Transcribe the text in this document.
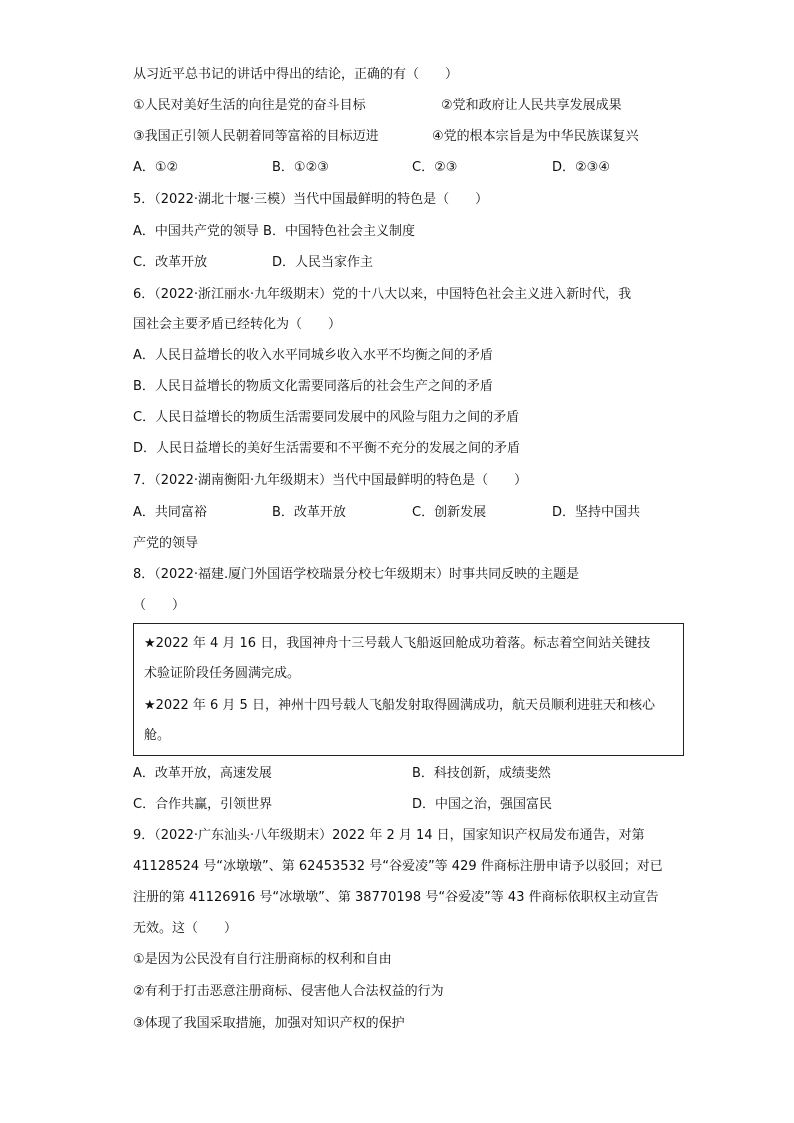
从习近平总书记的讲话中得出的结论，正确的有（　　）
①人民对美好生活的向往是党的奋斗目标	②党和政府让人民共享发展成果
③我国正引领人民朝着同等富裕的目标迈进	④党的根本宗旨是为中华民族谋复兴
A．①②	B．①②③	C．②③	D．②③④
5．（2022·湖北十堰·三模）当代中国最鲜明的特色是（　　）
A．中国共产党的领导 B．中国特色社会主义制度
C．改革开放	D．人民当家作主
6．（2022·浙江丽水·九年级期末）党的十八大以来，中国特色社会主义进入新时代，我
国社会主要矛盾已经转化为（　　）
A．人民日益增长的收入水平同城乡收入水平不均衡之间的矛盾
B．人民日益增长的物质文化需要同落后的社会生产之间的矛盾
C．人民日益增长的物质生活需要同发展中的风险与阻力之间的矛盾
D．人民日益增长的美好生活需要和不平衡不充分的发展之间的矛盾
7．（2022·湖南衡阳·九年级期末）当代中国最鲜明的特色是（　　）
A．共同富裕	B．改革开放	C．创新发展	D．坚持中国共
产党的领导
8．（2022·福建.厦门外国语学校瑞景分校七年级期末）时事共同反映的主题是
（　　）
★2022 年 4 月 16 日，我国神舟十三号载人飞船返回舱成功着落。标志着空间站关键技
术验证阶段任务圆满完成。
★2022 年 6 月 5 日，神州十四号载人飞船发射取得圆满成功，航天员顺利进驻天和核心
舱。
A．改革开放，高速发展	B．科技创新，成绩斐然
C．合作共赢，引领世界	D．中国之治，强国富民
9．（2022·广东汕头·八年级期末）2022 年 2 月 14 日，国家知识产权局发布通告，对第
41128524 号“冰墩墩”、第 62453532 号“谷爱凌”等 429 件商标注册申请予以驳回；对已
注册的第 41126916 号“冰墩墩”、第 38770198 号“谷爱凌”等 43 件商标依职权主动宣告
无效。这（　　）
①是因为公民没有自行注册商标的权利和自由
②有利于打击恶意注册商标、侵害他人合法权益的行为
③体现了我国采取措施，加强对知识产权的保护
